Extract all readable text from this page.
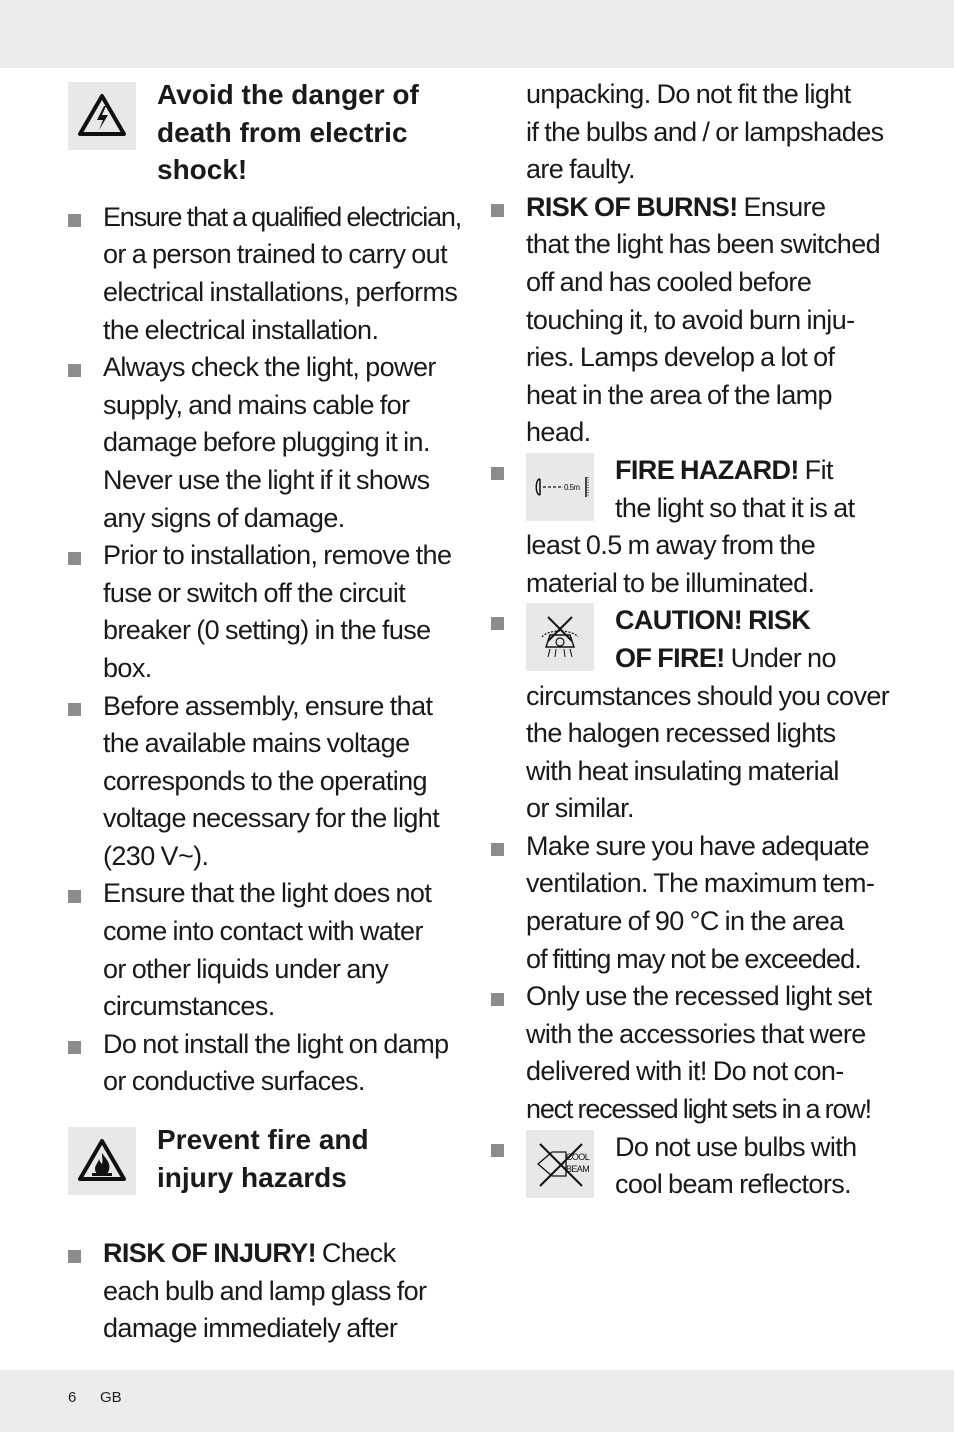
Avoid the danger of
death from electric
shock!
Ensure that a qualified electrician,
or a person trained to carry out
electrical installations, performs
the electrical installation.
Always check the light, power
supply, and mains cable for
damage before plugging it in.
Never use the light if it shows
any signs of damage.
Prior to installation, remove the
fuse or switch off the circuit
breaker (0 setting) in the fuse
box.
Before assembly, ensure that
the available mains voltage
corresponds to the operating
voltage necessary for the light
(230 V~).
Ensure that the light does not
come into contact with water
or other liquids under any
circumstances.
Do not install the light on damp
or conductive surfaces.
Prevent fire and
injury hazards
RISK OF INJURY! Check
each bulb and lamp glass for
damage immediately after
unpacking. Do not fit the light
if the bulbs and / or lampshades
are faulty.
RISK OF BURNS! Ensure
that the light has been switched
off and has cooled before
touching it, to avoid burn inju-
ries. Lamps develop a lot of
heat in the area of the lamp
head.
0.5m
FIRE HAZARD! Fit
the light so that it is at
least 0.5 m away from the
material to be illuminated.
CAUTION! RISK
OF FIRE! Under no
circumstances should you cover
the halogen recessed lights
with heat insulating material
or similar.
Make sure you have adequate
ventilation. The maximum tem-
perature of 90 °C in the area
of fitting may not be exceeded.
Only use the recessed light set
with the accessories that were
delivered with it! Do not con-
nect recessed light sets in a row!
COOL
BEAM
Do not use bulbs with
cool beam reflectors.
6 GB
